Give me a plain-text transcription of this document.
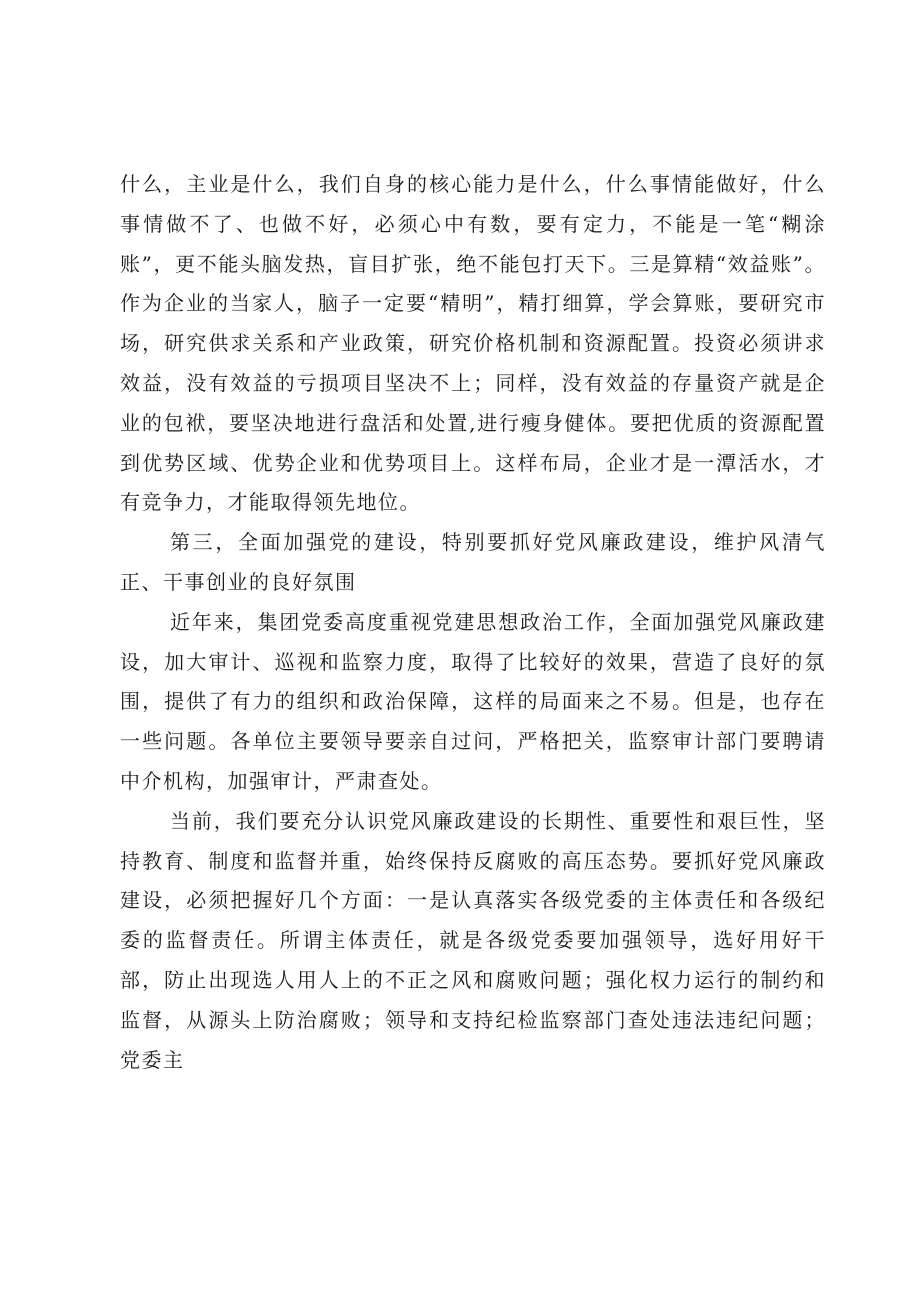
什么，主业是什么，我们自身的核心能力是什么，什么事情能做好，什么事情做不了、也做不好，必须心中有数，要有定力，不能是一笔“糊涂账”，更不能头脑发热，盲目扩张，绝不能包打天下。三是算精“效益账”。作为企业的当家人，脑子一定要“精明”，精打细算，学会算账，要研究市场，研究供求关系和产业政策，研究价格机制和资源配置。投资必须讲求效益，没有效益的亏损项目坚决不上；同样，没有效益的存量资产就是企业的包袱，要坚决地进行盘活和处置,进行瘦身健体。要把优质的资源配置到优势区域、优势企业和优势项目上。这样布局，企业才是一潭活水，才有竞争力，才能取得领先地位。

第三，全面加强党的建设，特别要抓好党风廉政建设，维护风清气正、干事创业的良好氛围

近年来，集团党委高度重视党建思想政治工作，全面加强党风廉政建设，加大审计、巡视和监察力度，取得了比较好的效果，营造了良好的氛围，提供了有力的组织和政治保障，这样的局面来之不易。但是，也存在一些问题。各单位主要领导要亲自过问，严格把关，监察审计部门要聘请中介机构，加强审计，严肃查处。

当前，我们要充分认识党风廉政建设的长期性、重要性和艰巨性，坚持教育、制度和监督并重，始终保持反腐败的高压态势。要抓好党风廉政建设，必须把握好几个方面：一是认真落实各级党委的主体责任和各级纪委的监督责任。所谓主体责任，就是各级党委要加强领导，选好用好干部，防止出现选人用人上的不正之风和腐败问题；强化权力运行的制约和监督，从源头上防治腐败；领导和支持纪检监察部门查处违法违纪问题；党委主
